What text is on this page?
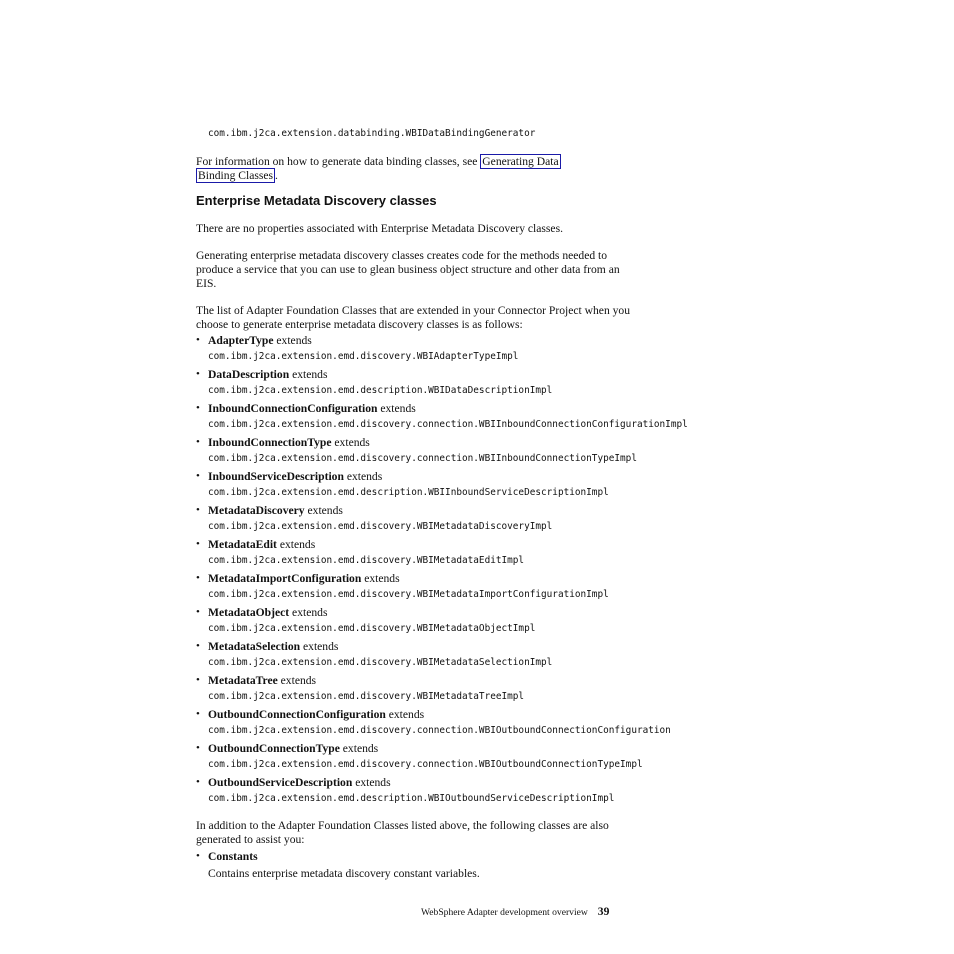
com.ibm.j2ca.extension.databinding.WBIDataBindingGenerator
For information on how to generate data binding classes, see Generating Data
Binding Classes .
Enterprise Metadata Discovery classes
There are no properties associated with Enterprise Metadata Discovery classes.
Generating enterprise metadata discovery classes creates code for the methods needed to produce a service that you can use to glean business object structure and other data from an EIS.
The list of Adapter Foundation Classes that are extended in your Connector Project when you choose to generate enterprise metadata discovery classes is as follows:
• AdapterType extends
com.ibm.j2ca.extension.emd.discovery.WBIAdapterTypeImpl
• DataDescription extends
com.ibm.j2ca.extension.emd.description.WBIDataDescriptionImpl
• InboundConnectionConfiguration extends
com.ibm.j2ca.extension.emd.discovery.connection.WBIInboundConnectionConfigurationImpl
• InboundConnectionType extends
com.ibm.j2ca.extension.emd.discovery.connection.WBIInboundConnectionTypeImpl
• InboundServiceDescription extends
com.ibm.j2ca.extension.emd.description.WBIInboundServiceDescriptionImpl
• MetadataDiscovery extends
com.ibm.j2ca.extension.emd.discovery.WBIMetadataDiscoveryImpl
• MetadataEdit extends
com.ibm.j2ca.extension.emd.discovery.WBIMetadataEditImpl
• MetadataImportConfiguration extends
com.ibm.j2ca.extension.emd.discovery.WBIMetadataImportConfigurationImpl
• MetadataObject extends
com.ibm.j2ca.extension.emd.discovery.WBIMetadataObjectImpl
• MetadataSelection extends
com.ibm.j2ca.extension.emd.discovery.WBIMetadataSelectionImpl
• MetadataTree extends
com.ibm.j2ca.extension.emd.discovery.WBIMetadataTreeImpl
• OutboundConnectionConfiguration extends
com.ibm.j2ca.extension.emd.discovery.connection.WBIOutboundConnectionConfiguration
• OutboundConnectionType extends
com.ibm.j2ca.extension.emd.discovery.connection.WBIOutboundConnectionTypeImpl
• OutboundServiceDescription extends
com.ibm.j2ca.extension.emd.description.WBIOutboundServiceDescriptionImpl
In addition to the Adapter Foundation Classes listed above, the following classes are also generated to assist you:
• Constants
Contains enterprise metadata discovery constant variables.
WebSphere Adapter development overview 39
